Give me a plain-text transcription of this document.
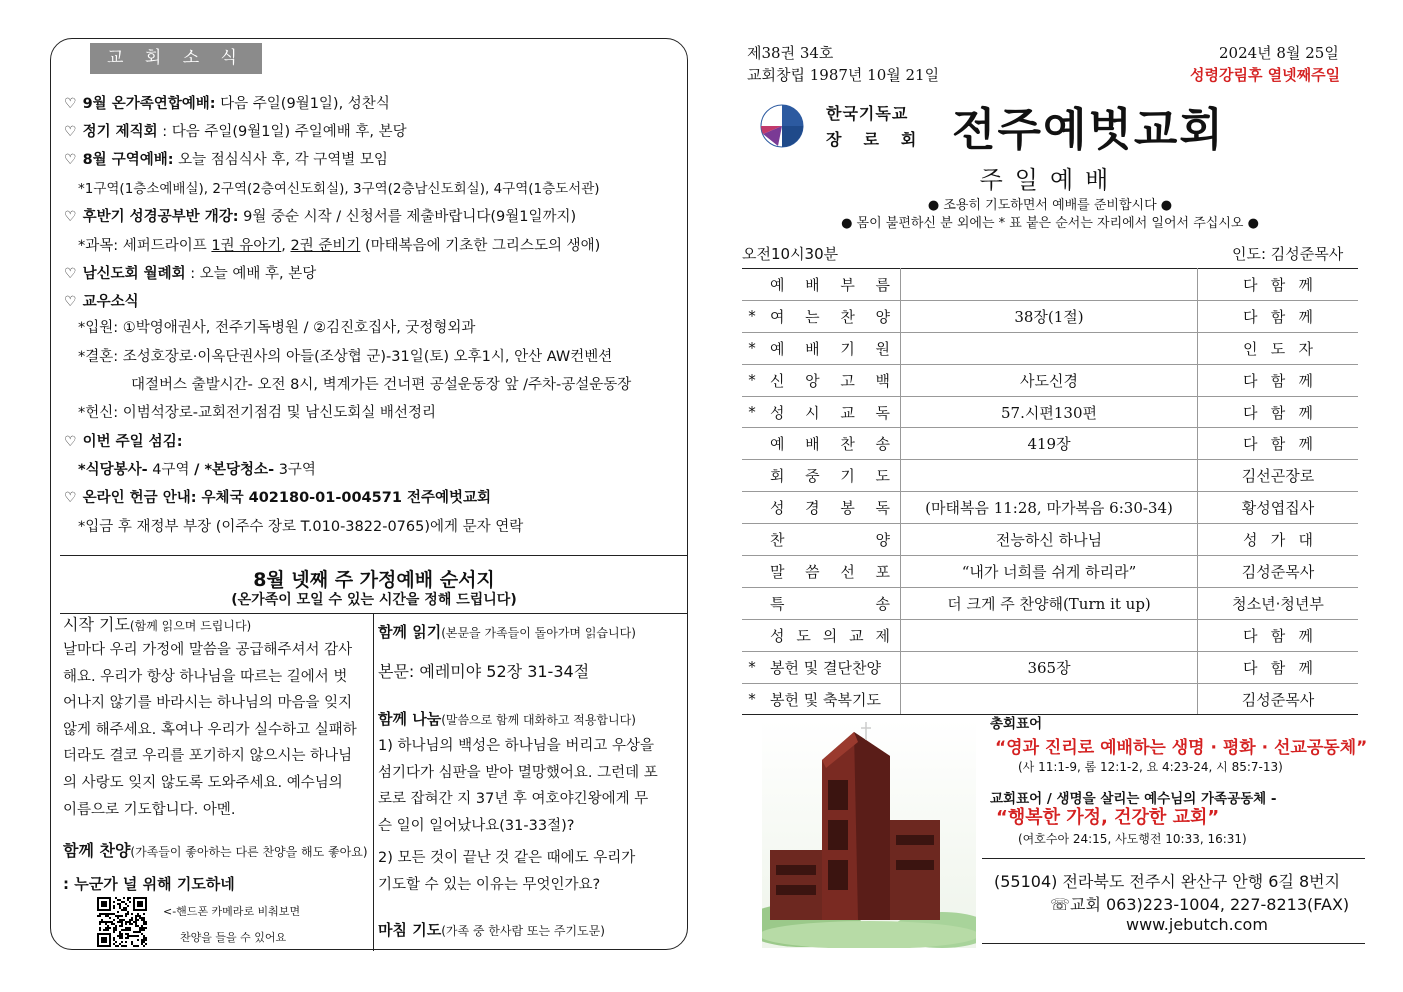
교 회 소 식
♡ 9월 온가족연합예배: 다음 주일(9월1일), 성찬식
♡ 정기 제직회 : 다음 주일(9월1일) 주일예배 후, 본당
♡ 8월 구역예배: 오늘 점심식사 후, 각 구역별 모임
*1구역(1층소예배실), 2구역(2층여신도회실), 3구역(2층남신도회실), 4구역(1층도서관)
♡ 후반기 성경공부반 개강: 9월 중순 시작 / 신청서를 제출바랍니다(9월1일까지)
*과목: 세퍼드라이프 1권 유아기, 2권 준비기 (마태복음에 기초한 그리스도의 생애)
♡ 남신도회 월례회 : 오늘 예배 후, 본당
♡ 교우소식
*입원: ①박영애권사, 전주기독병원 / ②김진호집사, 굿정형외과
*결혼: 조성호장로·이옥단권사의 아들(조상협 군)-31일(토) 오후1시, 안산 AW컨벤션
대절버스 출발시간- 오전 8시, 벽계가든 건너편 공설운동장 앞 /주차-공설운동장
*헌신: 이범석장로-교회전기점검 및 남신도회실 배선정리
♡ 이번 주일 섬김:
*식당봉사- 4구역 / *본당청소- 3구역
♡ 온라인 헌금 안내: 우체국 402180-01-004571 전주예벗교회
*입금 후 재정부 부장 (이주수 장로 T.010-3822-0765)에게 문자 연락
8월 넷째 주 가정예배 순서지
(온가족이 모일 수 있는 시간을 정해 드립니다)
시작 기도(함께 읽으며 드립니다)
날마다 우리 가정에 말씀을 공급해주셔서 감사
해요. 우리가 항상 하나님을 따르는 길에서 벗
어나지 않기를 바라시는 하나님의 마음을 잊지
않게 해주세요. 혹여나 우리가 실수하고 실패하
더라도 결코 우리를 포기하지 않으시는 하나님
의 사랑도 잊지 않도록 도와주세요. 예수님의
이름으로 기도합니다. 아멘.
함께 찬양(가족들이 좋아하는 다른 찬양을 해도 좋아요)
: 누군가 널 위해 기도하네
<-핸드폰 카메라로 비춰보면
찬양을 들을 수 있어요
함께 읽기(본문을 가족들이 돌아가며 읽습니다)
본문: 예레미야 52장 31-34절
함께 나눔(말씀으로 함께 대화하고 적용합니다)
1) 하나님의 백성은 하나님을 버리고 우상을
섬기다가 심판을 받아 멸망했어요. 그런데 포
로로 잡혀간 지 37년 후 여호야긴왕에게 무
슨 일이 일어났나요(31-33절)?
2) 모든 것이 끝난 것 같은 때에도 우리가
기도할 수 있는 이유는 무엇인가요?
마침 기도(가족 중 한사람 또는 주기도문)
제38권 34호
교회창립 1987년 10월 21일
2024년 8월 25일
성령강림후 열넷째주일
한국기독교
장로회 전주예벗교회
주일예배
● 조용히 기도하면서 예배를 준비합시다 ●
● 몸이 불편하신 분 외에는 * 표 붙은 순서는 자리에서 일어서 주십시오 ●
오전10시30분	인도: 김성준목사

	예 배 부 름		다 함 께

*	여 는 찬 양	38장(1절)	다 함 께

*	예 배 기 원		인 도 자

*	신 앙 고 백	사도신경	다 함 께

*	성 시 교 독	57.시편130편	다 함 께

	예 배 찬 송	419장	다 함 께

	회 중 기 도		김선곤장로

	성 경 봉 독	(마태복음 11:28, 마가복음 6:30-34)	황성엽집사

	찬 양	전능하신 하나님	성 가 대

	말 씀 선 포	“내가 너희를 쉬게 하리라”	김성준목사

	특 송	더 크게 주 찬양해(Turn it up)	청소년·청년부

	성 도 의 교 제		다 함 께

*	봉헌 및 결단찬양	365장	다 함 께

*	봉헌 및 축복기도		김성준목사
총회표어
“영과 진리로 예배하는 생명 · 평화 · 선교공동체”
(사 11:1-9, 롬 12:1-2, 요 4:23-24, 시 85:7-13)
교회표어 / 생명을 살리는 예수님의 가족공동체 -
“행복한 가정, 건강한 교회”
(여호수아 24:15, 사도행전 10:33, 16:31)
(55104) 전라북도 전주시 완산구 안행 6길 8번지
☏교회 063)223-1004, 227-8213(FAX)
www.jebutch.com
